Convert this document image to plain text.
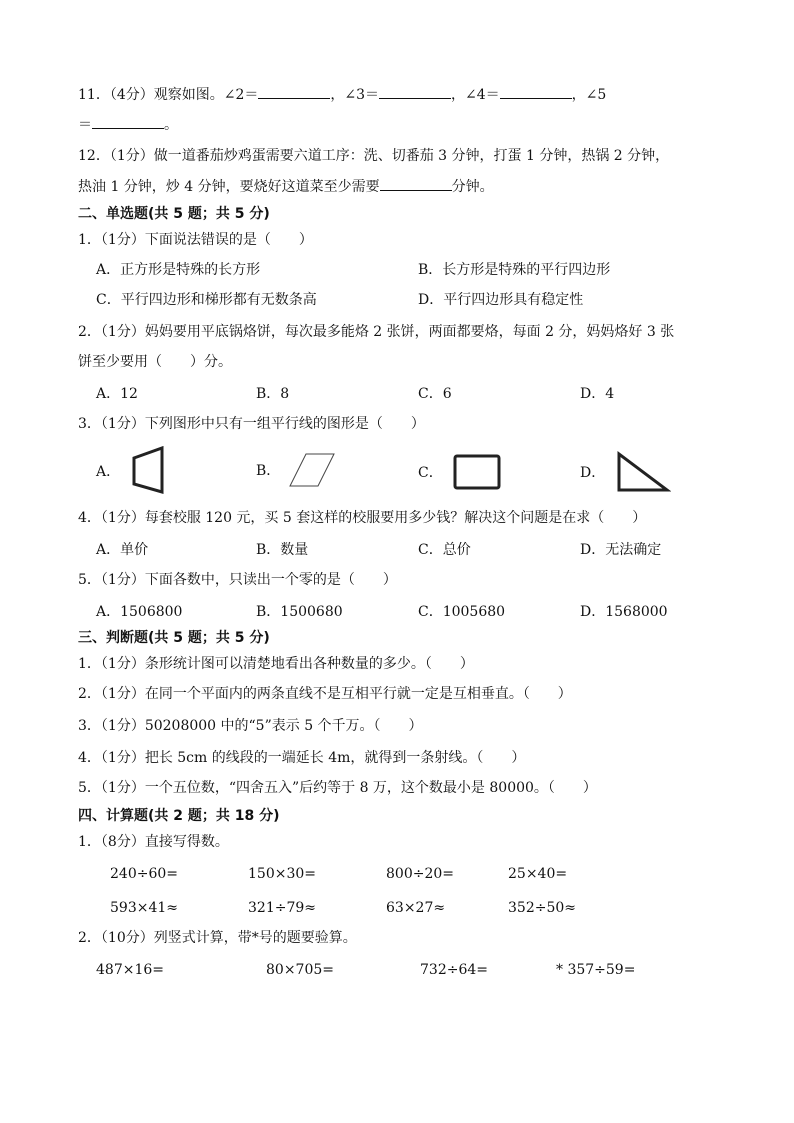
11．（4分）观察如图。∠2＝	，∠3＝	，∠4＝	，∠5
＝	。
12．（1分）做一道番茄炒鸡蛋需要六道工序：洗、切番茄 3 分钟，打蛋 1 分钟，热锅 2 分钟，
热油 1 分钟，炒 4 分钟，要烧好这道菜至少需要	分钟。
二、单选题(共 5 题；共 5 分)
1．（1分）下面说法错误的是（　　）
A．正方形是特殊的长方形	B．长方形是特殊的平行四边形
C．平行四边形和梯形都有无数条高	D．平行四边形具有稳定性
2．（1分）妈妈要用平底锅烙饼，每次最多能烙 2 张饼，两面都要烙，每面 2 分，妈妈烙好 3 张
饼至少要用（　　）分。
A．12	B．8	C．6	D．4
3．（1分）下列图形中只有一组平行线的图形是（　　）
A．	B．	C．	D．
4．（1分）每套校服 120 元，买 5 套这样的校服要用多少钱？解决这个问题是在求（　　）
A．单价	B．数量	C．总价	D．无法确定
5．（1分）下面各数中，只读出一个零的是（　　）
A．1506800	B．1500680	C．1005680	D．1568000
三、判断题(共 5 题；共 5 分)
1．（1分）条形统计图可以清楚地看出各种数量的多少。（　　）
2．（1分）在同一个平面内的两条直线不是互相平行就一定是互相垂直。（　　）
3．（1分）50208000 中的“5”表示 5 个千万。（　　）
4．（1分）把长 5cm 的线段的一端延长 4m，就得到一条射线。（　　）
5．（1分）一个五位数，“四舍五入”后约等于 8 万，这个数最小是 80000。（　　）
四、计算题(共 2 题；共 18 分)
1．（8分）直接写得数。
240÷60=	150×30=	800÷20=	25×40=
593×41≈	321÷79≈	63×27≈	352÷50≈
2．（10分）列竖式计算，带*号的题要验算。
487×16=	80×705=	732÷64=	* 357÷59=
